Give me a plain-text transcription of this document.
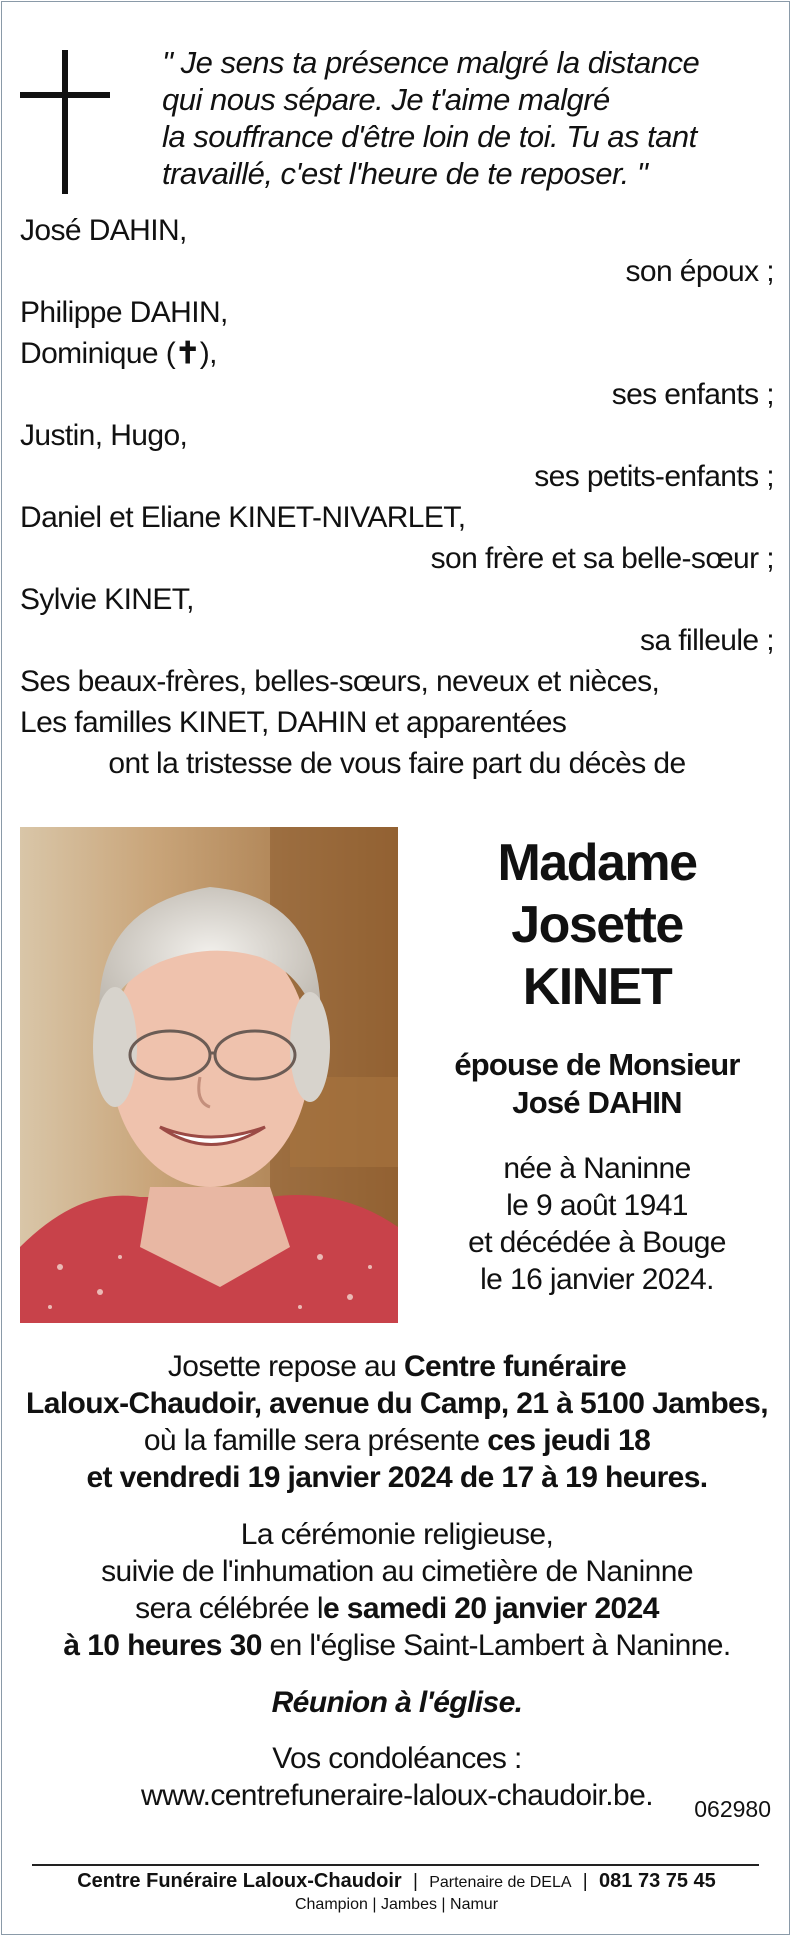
" Je sens ta présence malgré la distance
qui nous sépare. Je t'aime malgré
la souffrance d'être loin de toi. Tu as tant
travaillé, c'est l'heure de te reposer. "
José DAHIN,
son époux ;
Philippe DAHIN,
Dominique (✝),
ses enfants ;
Justin, Hugo,
ses petits-enfants ;
Daniel et Eliane KINET-NIVARLET,
son frère et sa belle-sœur ;
Sylvie KINET,
sa filleule ;
Ses beaux-frères, belles-sœurs, neveux et nièces,
Les familles KINET, DAHIN et apparentées
ont la tristesse de vous faire part du décès de
Madame
Josette
KINET
épouse de Monsieur
José DAHIN
née à Naninne
le 9 août 1941
et décédée à Bouge
le 16 janvier 2024.
Josette repose au Centre funéraire
Laloux-Chaudoir, avenue du Camp, 21 à 5100 Jambes,
où la famille sera présente ces jeudi 18
et vendredi 19 janvier 2024 de 17 à 19 heures.
La cérémonie religieuse,
suivie de l'inhumation au cimetière de Naninne
sera célébrée le samedi 20 janvier 2024
à 10 heures 30 en l'église Saint-Lambert à Naninne.
Réunion à l'église.
Vos condoléances :
www.centrefuneraire-laloux-chaudoir.be.	062980
Centre Funéraire Laloux-Chaudoir | Partenaire de DELA | 081 73 75 45
Champion | Jambes | Namur
